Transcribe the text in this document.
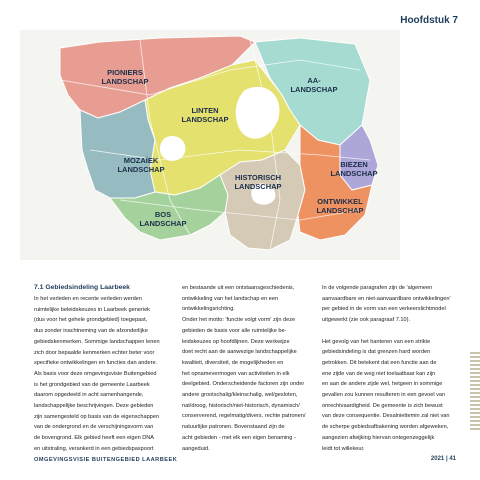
Hoofdstuk 7
PIONIERS LANDSCHAP	AA-LANDSCHAP
LINTEN LANDSCHAP
MOZAÏEK LANDSCHAP
HISTORISCH LANDSCHAP
BIEZEN LANDSCHAP
ONTWIKKEL LANDSCHAP
BOS LANDSCHAP
7.1 Gebiedsindeling Laarbeek

In het verleden en recente verleden werden
ruimtelijke beleidskeuzes in Laarbeek generiek
(dus voor het gehele grondgebied) toegepast,
dus zonder inachtneming van de afzonderlijke
gebiedskenmerken. Sommige landschappen lenen
zich door bepaalde kenmerken echter beter voor
specifieke ontwikkelingen en functies dan andere.
Als basis voor deze omgevingsvisie Buitengebied
is het grondgebied van de gemeente Laarbeek
daarom opgedeeld in acht samenhangende,
landschappelijke beschrijvingen. Deze gebieden
zijn samengesteld op basis van de eigenschappen
van de ondergrond en de verschijningsvorm van
de bovengrond. Elk gebied heeft een eigen DNA
en uitstraling, verankerd in een gebiedspaspoort

en bestaande uit een ontstaansgeschiedenis,
ontwikkeling van het landschap en een
ontwikkelingsrichting.
Onder het motto: 'functie volgt vorm' zijn deze
gebieden de basis voor alle ruimtelijke be-
leidskeuzes op hoofdlijnen. Deze werkwijze
doet recht aan de aanwezige landschappelijke
kwaliteit, diversiteit, de mogelijkheden en
het opnamevermogen van activiteiten in elk
deelgebied. Onderscheidende factoren zijn onder
andere grootschalig/kleinschalig, wel/gesloten,
nat/droog, historisch/niet-historisch, dynamisch/
conserverend, regelmatig/divers, rechte patronen/
natuurlijke patronen. Bovenstaand zijn de
acht gebieden - met elk een eigen benaming -
aangeduid.

In de volgende paragrafen zijn de 'algemeen
aanvaardbare en niet-aanvaardbare ontwikkelingen'
per gebied in de vorm van een verkeerslichtmodel
uitgewerkt (zie ook paragraaf 7.10).

Het gevolg van het hanteren van een strikte
gebiedsindeling is dat grenzen hard worden
getrokken. Dit betekent dat een functie aan de
ene zijde van de weg niet toelaatbaar kan zijn
en aan de andere zijde wel, hetgeen in sommige
gevallen zou kunnen resulteren in een gevoel van
onrechtvaardigheid. De gemeente is zich bewust
van deze consequentie. Desalniettemin zal niet van
de scherpe gebiedsafbakening worden afgeweken,
aangezien afwijking hiervan ontegenzeggelijk
leidt tot willekeur.

OMGEVINGSVISIE BUITENGEBIED LAARBEEK	2021 | 41
